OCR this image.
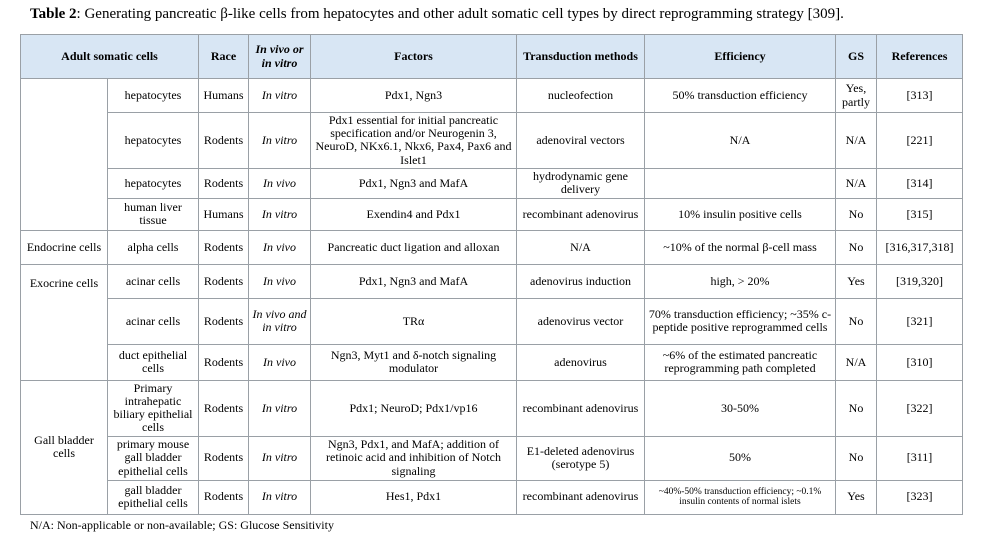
Table 2: Generating pancreatic β-like cells from hepatocytes and other adult somatic cell types by direct reprogramming strategy [309].
Adult somatic cells		Race	In vivo or in vitro	Factors	Transduction methods	Efficiency	GS	References
	hepatocytes	Humans	In vitro	Pdx1, Ngn3	nucleofection	50% transduction efficiency	Yes, partly	[313]
	hepatocytes	Rodents	In vitro	Pdx1 essential for initial pancreatic specification and/or Neurogenin 3, NeuroD, NKx6.1, Nkx6, Pax4, Pax6 and Islet1	adenoviral vectors	N/A	N/A	[221]
	hepatocytes	Rodents	In vivo	Pdx1, Ngn3 and MafA	hydrodynamic gene delivery		N/A	[314]
	human liver tissue	Humans	In vitro	Exendin4 and Pdx1	recombinant adenovirus	10% insulin positive cells	No	[315]
Endocrine cells	alpha cells	Rodents	In vivo	Pancreatic duct ligation and alloxan	N/A	~10% of the normal β-cell mass	No	[316,317,318]
Exocrine cells	acinar cells	Rodents	In vivo	Pdx1, Ngn3 and MafA	adenovirus induction	high, > 20%	Yes	[319,320]
	acinar cells	Rodents	In vivo and in vitro	TRα	adenovirus vector	70% transduction efficiency; ~35% c-peptide positive reprogrammed cells	No	[321]
	duct epithelial cells	Rodents	In vivo	Ngn3, Myt1 and δ-notch signaling modulator	adenovirus	~6% of the estimated pancreatic reprogramming path completed	N/A	[310]
Gall bladder cells	Primary intrahepatic biliary epithelial cells	Rodents	In vitro	Pdx1; NeuroD; Pdx1/vp16	recombinant adenovirus	30-50%	No	[322]
	primary mouse gall bladder epithelial cells	Rodents	In vitro	Ngn3, Pdx1, and MafA; addition of retinoic acid and inhibition of Notch signaling	E1-deleted adenovirus (serotype 5)	50%	No	[311]
	gall bladder epithelial cells	Rodents	In vitro	Hes1, Pdx1	recombinant adenovirus	~40%-50% transduction efficiency; ~0.1% insulin contents of normal islets	Yes	[323]
N/A: Non-applicable or non-available; GS: Glucose Sensitivity
